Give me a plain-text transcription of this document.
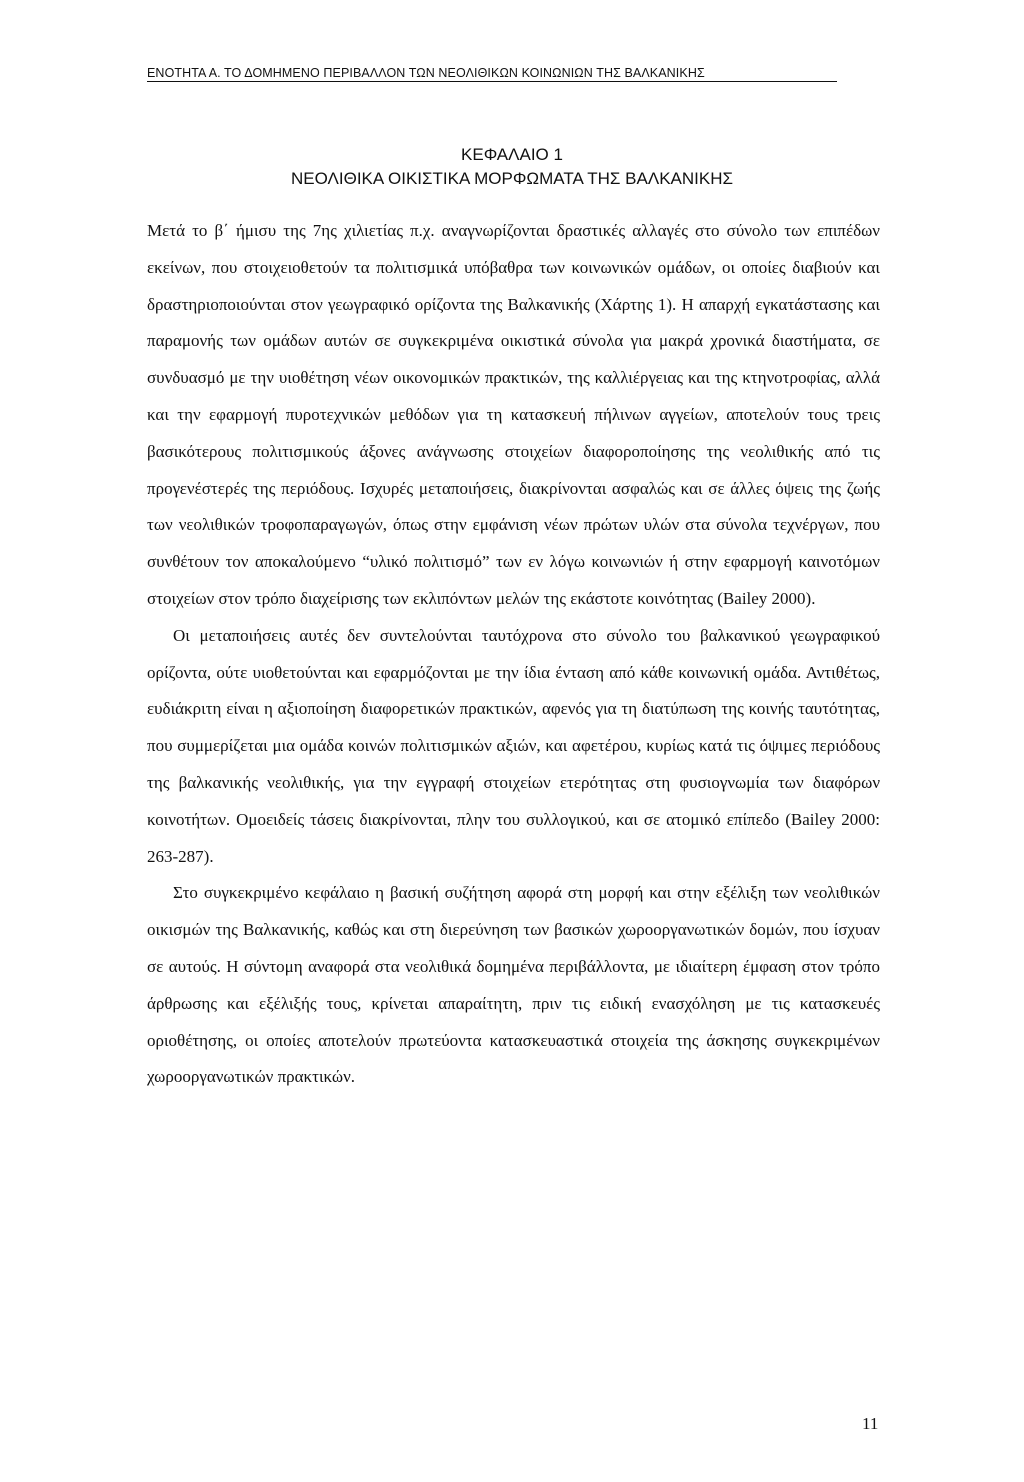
ΕΝΟΤΗΤΑ Α. ΤΟ ΔΟΜΗΜΕΝΟ ΠΕΡΙΒΑΛΛΟΝ ΤΩΝ ΝΕΟΛΙΘΙΚΩΝ ΚΟΙΝΩΝΙΩΝ ΤΗΣ ΒΑΛΚΑΝΙΚΗΣ
ΚΕΦΑΛΑΙΟ 1
ΝΕΟΛΙΘΙΚΑ ΟΙΚΙΣΤΙΚΑ ΜΟΡΦΩΜΑΤΑ ΤΗΣ ΒΑΛΚΑΝΙΚΗΣ

Μετά το β΄ ήμισυ της 7ης χιλιετίας π.χ. αναγνωρίζονται δραστικές αλλαγές στο σύνολο των επιπέδων εκείνων, που στοιχειοθετούν τα πολιτισμικά υπόβαθρα των κοινωνικών ομάδων, οι οποίες διαβιούν και δραστηριοποιούνται στον γεωγραφικό ορίζοντα της Βαλκανικής (Χάρτης 1). Η απαρχή εγκατάστασης και παραμονής των ομάδων αυτών σε συγκεκριμένα οικιστικά σύνολα για μακρά χρονικά διαστήματα, σε συνδυασμό με την υιοθέτηση νέων οικονομικών πρακτικών, της καλλιέργειας και της κτηνοτροφίας, αλλά και την εφαρμογή πυροτεχνικών μεθόδων για τη κατασκευή πήλινων αγγείων, αποτελούν τους τρεις βασικότερους πολιτισμικούς άξονες ανάγνωσης στοιχείων διαφοροποίησης της νεολιθικής από τις προγενέστερές της περιόδους. Ισχυρές μεταποιήσεις, διακρίνονται ασφαλώς και σε άλλες όψεις της ζωής των νεολιθικών τροφοπαραγωγών, όπως στην εμφάνιση νέων πρώτων υλών στα σύνολα τεχνέργων, που συνθέτουν τον αποκαλούμενο “υλικό πολιτισμό” των εν λόγω κοινωνιών ή στην εφαρμογή καινοτόμων στοιχείων στον τρόπο διαχείρισης των εκλιπόντων μελών της εκάστοτε κοινότητας (Bailey 2000).

Οι μεταποιήσεις αυτές δεν συντελούνται ταυτόχρονα στο σύνολο του βαλκανικού γεωγραφικού ορίζοντα, ούτε υιοθετούνται και εφαρμόζονται με την ίδια ένταση από κάθε κοινωνική ομάδα. Αντιθέτως, ευδιάκριτη είναι η αξιοποίηση διαφορετικών πρακτικών, αφενός για τη διατύπωση της κοινής ταυτότητας, που συμμερίζεται μια ομάδα κοινών πολιτισμικών αξιών, και αφετέρου, κυρίως κατά τις όψιμες περιόδους της βαλκανικής νεολιθικής, για την εγγραφή στοιχείων ετερότητας στη φυσιογνωμία των διαφόρων κοινοτήτων. Ομοειδείς τάσεις διακρίνονται, πλην του συλλογικού, και σε ατομικό επίπεδο (Bailey 2000: 263-287).

Στο συγκεκριμένο κεφάλαιο η βασική συζήτηση αφορά στη μορφή και στην εξέλιξη των νεολιθικών οικισμών της Βαλκανικής, καθώς και στη διερεύνηση των βασικών χωροοργανωτικών δομών, που ίσχυαν σε αυτούς. Η σύντομη αναφορά στα νεολιθικά δομημένα περιβάλλοντα, με ιδιαίτερη έμφαση στον τρόπο άρθρωσης και εξέλιξής τους, κρίνεται απαραίτητη, πριν τις ειδική ενασχόληση με τις κατασκευές οριοθέτησης, οι οποίες αποτελούν πρωτεύοντα κατασκευαστικά στοιχεία της άσκησης συγκεκριμένων χωροοργανωτικών πρακτικών.

11
